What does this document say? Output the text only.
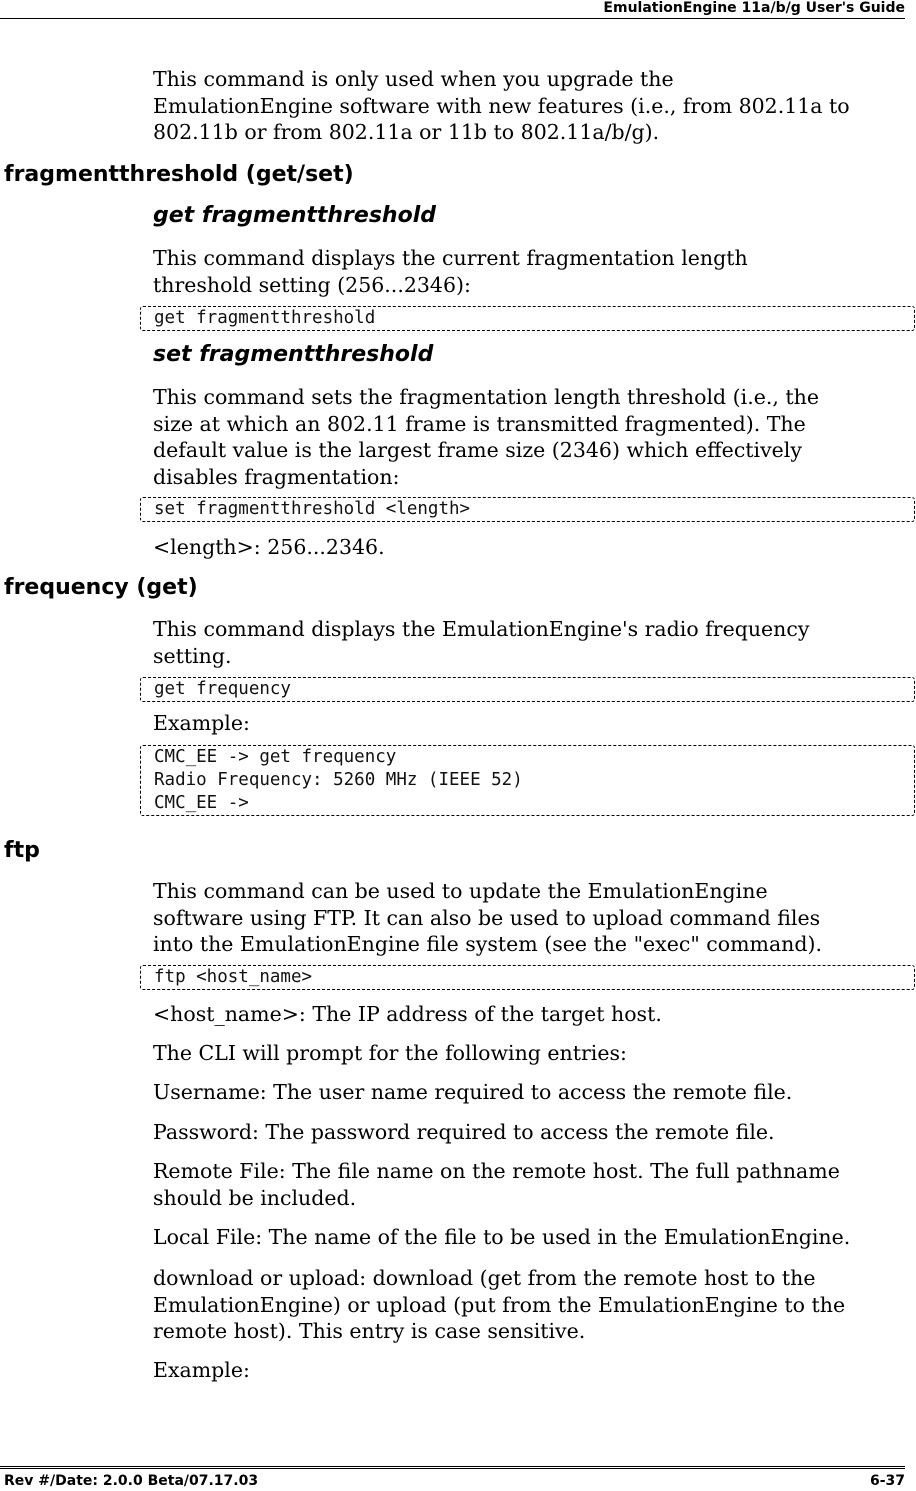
EmulationEngine 11a/b/g User's Guide
This command is only used when you upgrade the
EmulationEngine software with new features (i.e., from 802.11a to
802.11b or from 802.11a or 11b to 802.11a/b/g).
fragmentthreshold (get/set)
get fragmentthreshold
This command displays the current fragmentation length
threshold setting (256...2346):
get fragmentthreshold
set fragmentthreshold
This command sets the fragmentation length threshold (i.e., the
size at which an 802.11 frame is transmitted fragmented). The
default value is the largest frame size (2346) which effectively
disables fragmentation:
set fragmentthreshold <length>
<length>: 256...2346.
frequency (get)
This command displays the EmulationEngine's radio frequency
setting.
get frequency
Example:
CMC_EE -> get frequency
Radio Frequency: 5260 MHz (IEEE 52)
CMC_EE ->
ftp
This command can be used to update the EmulationEngine
software using FTP. It can also be used to upload command files
into the EmulationEngine file system (see the "exec" command).
ftp <host_name>
<host_name>: The IP address of the target host.
The CLI will prompt for the following entries:
Username: The user name required to access the remote file.
Password: The password required to access the remote file.
Remote File: The file name on the remote host. The full pathname
should be included.
Local File: The name of the file to be used in the EmulationEngine.
download or upload: download (get from the remote host to the
EmulationEngine) or upload (put from the EmulationEngine to the
remote host). This entry is case sensitive.
Example:
Rev #/Date: 2.0.0 Beta/07.17.03	6-37
